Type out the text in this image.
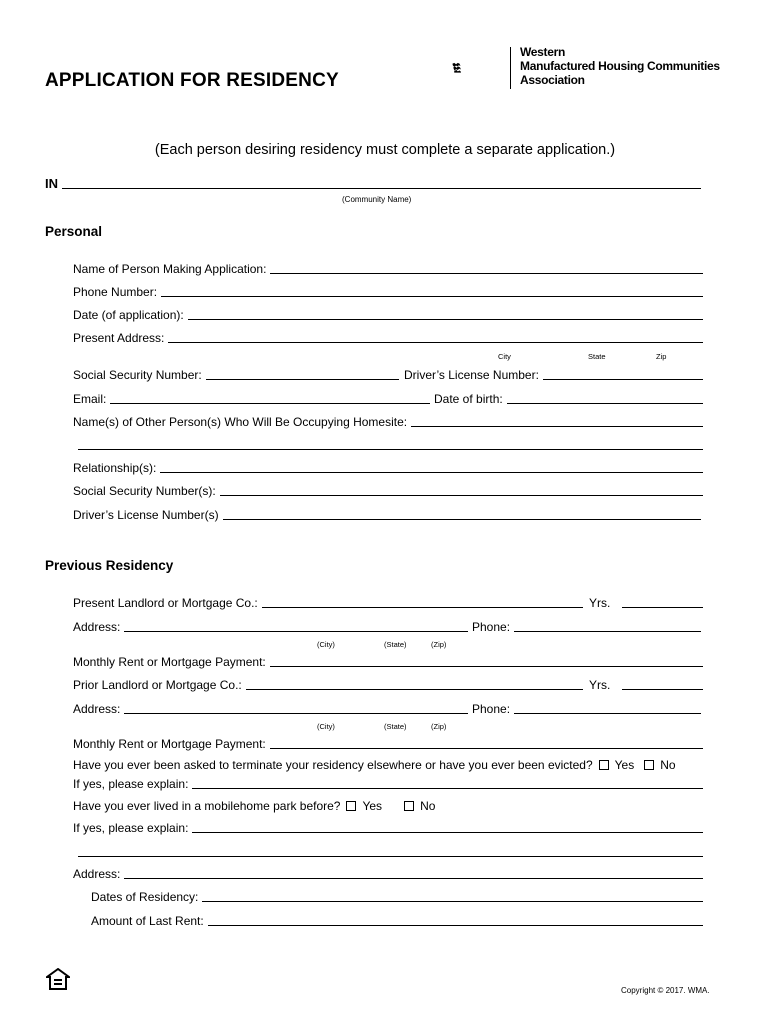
APPLICATION FOR RESIDENCY
Western
Manufactured Housing Communities
Association
(Each person desiring residency must complete a separate application.)
IN
(Community Name)
Personal
Name of Person Making Application:
Phone Number:
Date (of application):
Present Address:
City	State	Zip
Social Security Number:	Driver’s License Number:
Email:	Date of birth:
Name(s) of Other Person(s) Who Will Be Occupying Homesite:
Relationship(s):
Social Security Number(s):
Driver’s License Number(s)
Previous Residency
Present Landlord or Mortgage Co.:	Yrs.
Address:	Phone:
(City)	(State)	(Zip)
Monthly Rent or Mortgage Payment:
Prior Landlord or Mortgage Co.:	Yrs.
Address:	Phone:
(City)	(State)	(Zip)
Monthly Rent or Mortgage Payment:
Have you ever been asked to terminate your residency elsewhere or have you ever been evicted? Yes No
If yes, please explain:
Have you ever lived in a mobilehome park before? Yes	No
If yes, please explain:
Address:
Dates of Residency:
Amount of Last Rent:
Copyright © 2017. WMA.
